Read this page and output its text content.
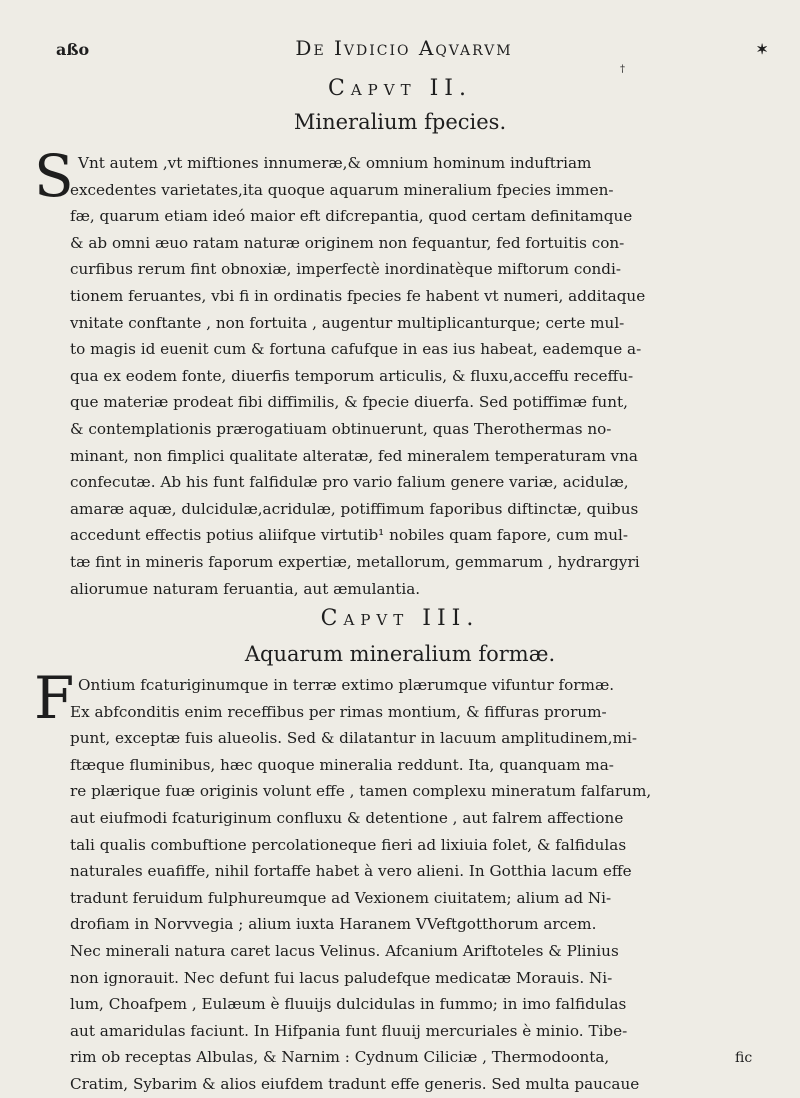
aßo	De Ivdicio Aqvarvm	✶
†
Capvt II.
Mineralium fpecies.
S Vnt autem ,vt miftiones innumeræ,& omnium hominum induftriam
excedentes varietates,ita quoque aquarum mineralium fpecies immen-
fæ, quarum etiam ideó maior eft difcrepantia, quod certam definitamque
& ab omni æuo ratam naturæ originem non fequantur, fed fortuitis con-
curfibus rerum fint obnoxiæ, imperfectè inordinatèque miftorum condi-
tionem feruantes, vbi fi in ordinatis fpecies fe habent vt numeri, additaque
vnitate conftante , non fortuita , augentur multiplicanturque; certe mul-
to magis id euenit cum & fortuna cafufque in eas ius habeat, eademque a-
qua ex eodem fonte, diuerfis temporum articulis, & fluxu,acceffu receffu-
que materiæ prodeat fibi diffimilis, & fpecie diuerfa. Sed potiffimæ funt,
& contemplationis prærogatiuam obtinuerunt, quas Therothermas no-
minant, non fimplici qualitate alteratæ, fed mineralem temperaturam vna
confecutæ. Ab his funt falfidulæ pro vario falium genere variæ, acidulæ,
amaræ aquæ, dulcidulæ,acridulæ, potiffimum faporibus diftinctæ, quibus
accedunt effectis potius aliifque virtutib¹ nobiles quam fapore, cum mul-
tæ fint in mineris faporum expertiæ, metallorum, gemmarum , hydrargyri
aliorumue naturam feruantia, aut æmulantia.
Capvt III.
Aquarum mineralium formæ.
F Ontium fcaturiginumque in terræ extimo plærumque vifuntur formæ.
Ex abfconditis enim receffibus per rimas montium, & fiffuras prorum-
punt, exceptæ fuis alueolis. Sed & dilatantur in lacuum amplitudinem,mi-
ftæque fluminibus, hæc quoque mineralia reddunt. Ita, quanquam ma-
re plærique fuæ originis volunt effe , tamen complexu mineratum falfarum,
aut eiufmodi fcaturiginum confluxu & detentione , aut falrem affectione
tali qualis combuftione percolationeque fieri ad lixiuia folet, & falfidulas
naturales euafiffe, nihil fortaffe habet à vero alieni. In Gotthia lacum effe
tradunt feruidum fulphureumque ad Vexionem ciuitatem; alium ad Ni-
drofiam in Norvvegia ; alium iuxta Haranem VVeftgotthorum arcem.
Nec minerali natura caret lacus Velinus. Afcanium Ariftoteles & Plinius
non ignorauit. Nec defunt fui lacus paludefque medicatæ Morauis. Ni-
lum, Choafpem , Eulæum è fluuijs dulcidulas in fummo; in imo falfidulas
aut amaridulas faciunt. In Hifpania funt fluuij mercuriales è minio. Tibe-
rim ob receptas Albulas, & Narnim : Cydnum Ciliciæ , Thermodoonta,
Cratim, Sybarim & alios eiufdem tradunt effe generis. Sed multa paucaue
fic
